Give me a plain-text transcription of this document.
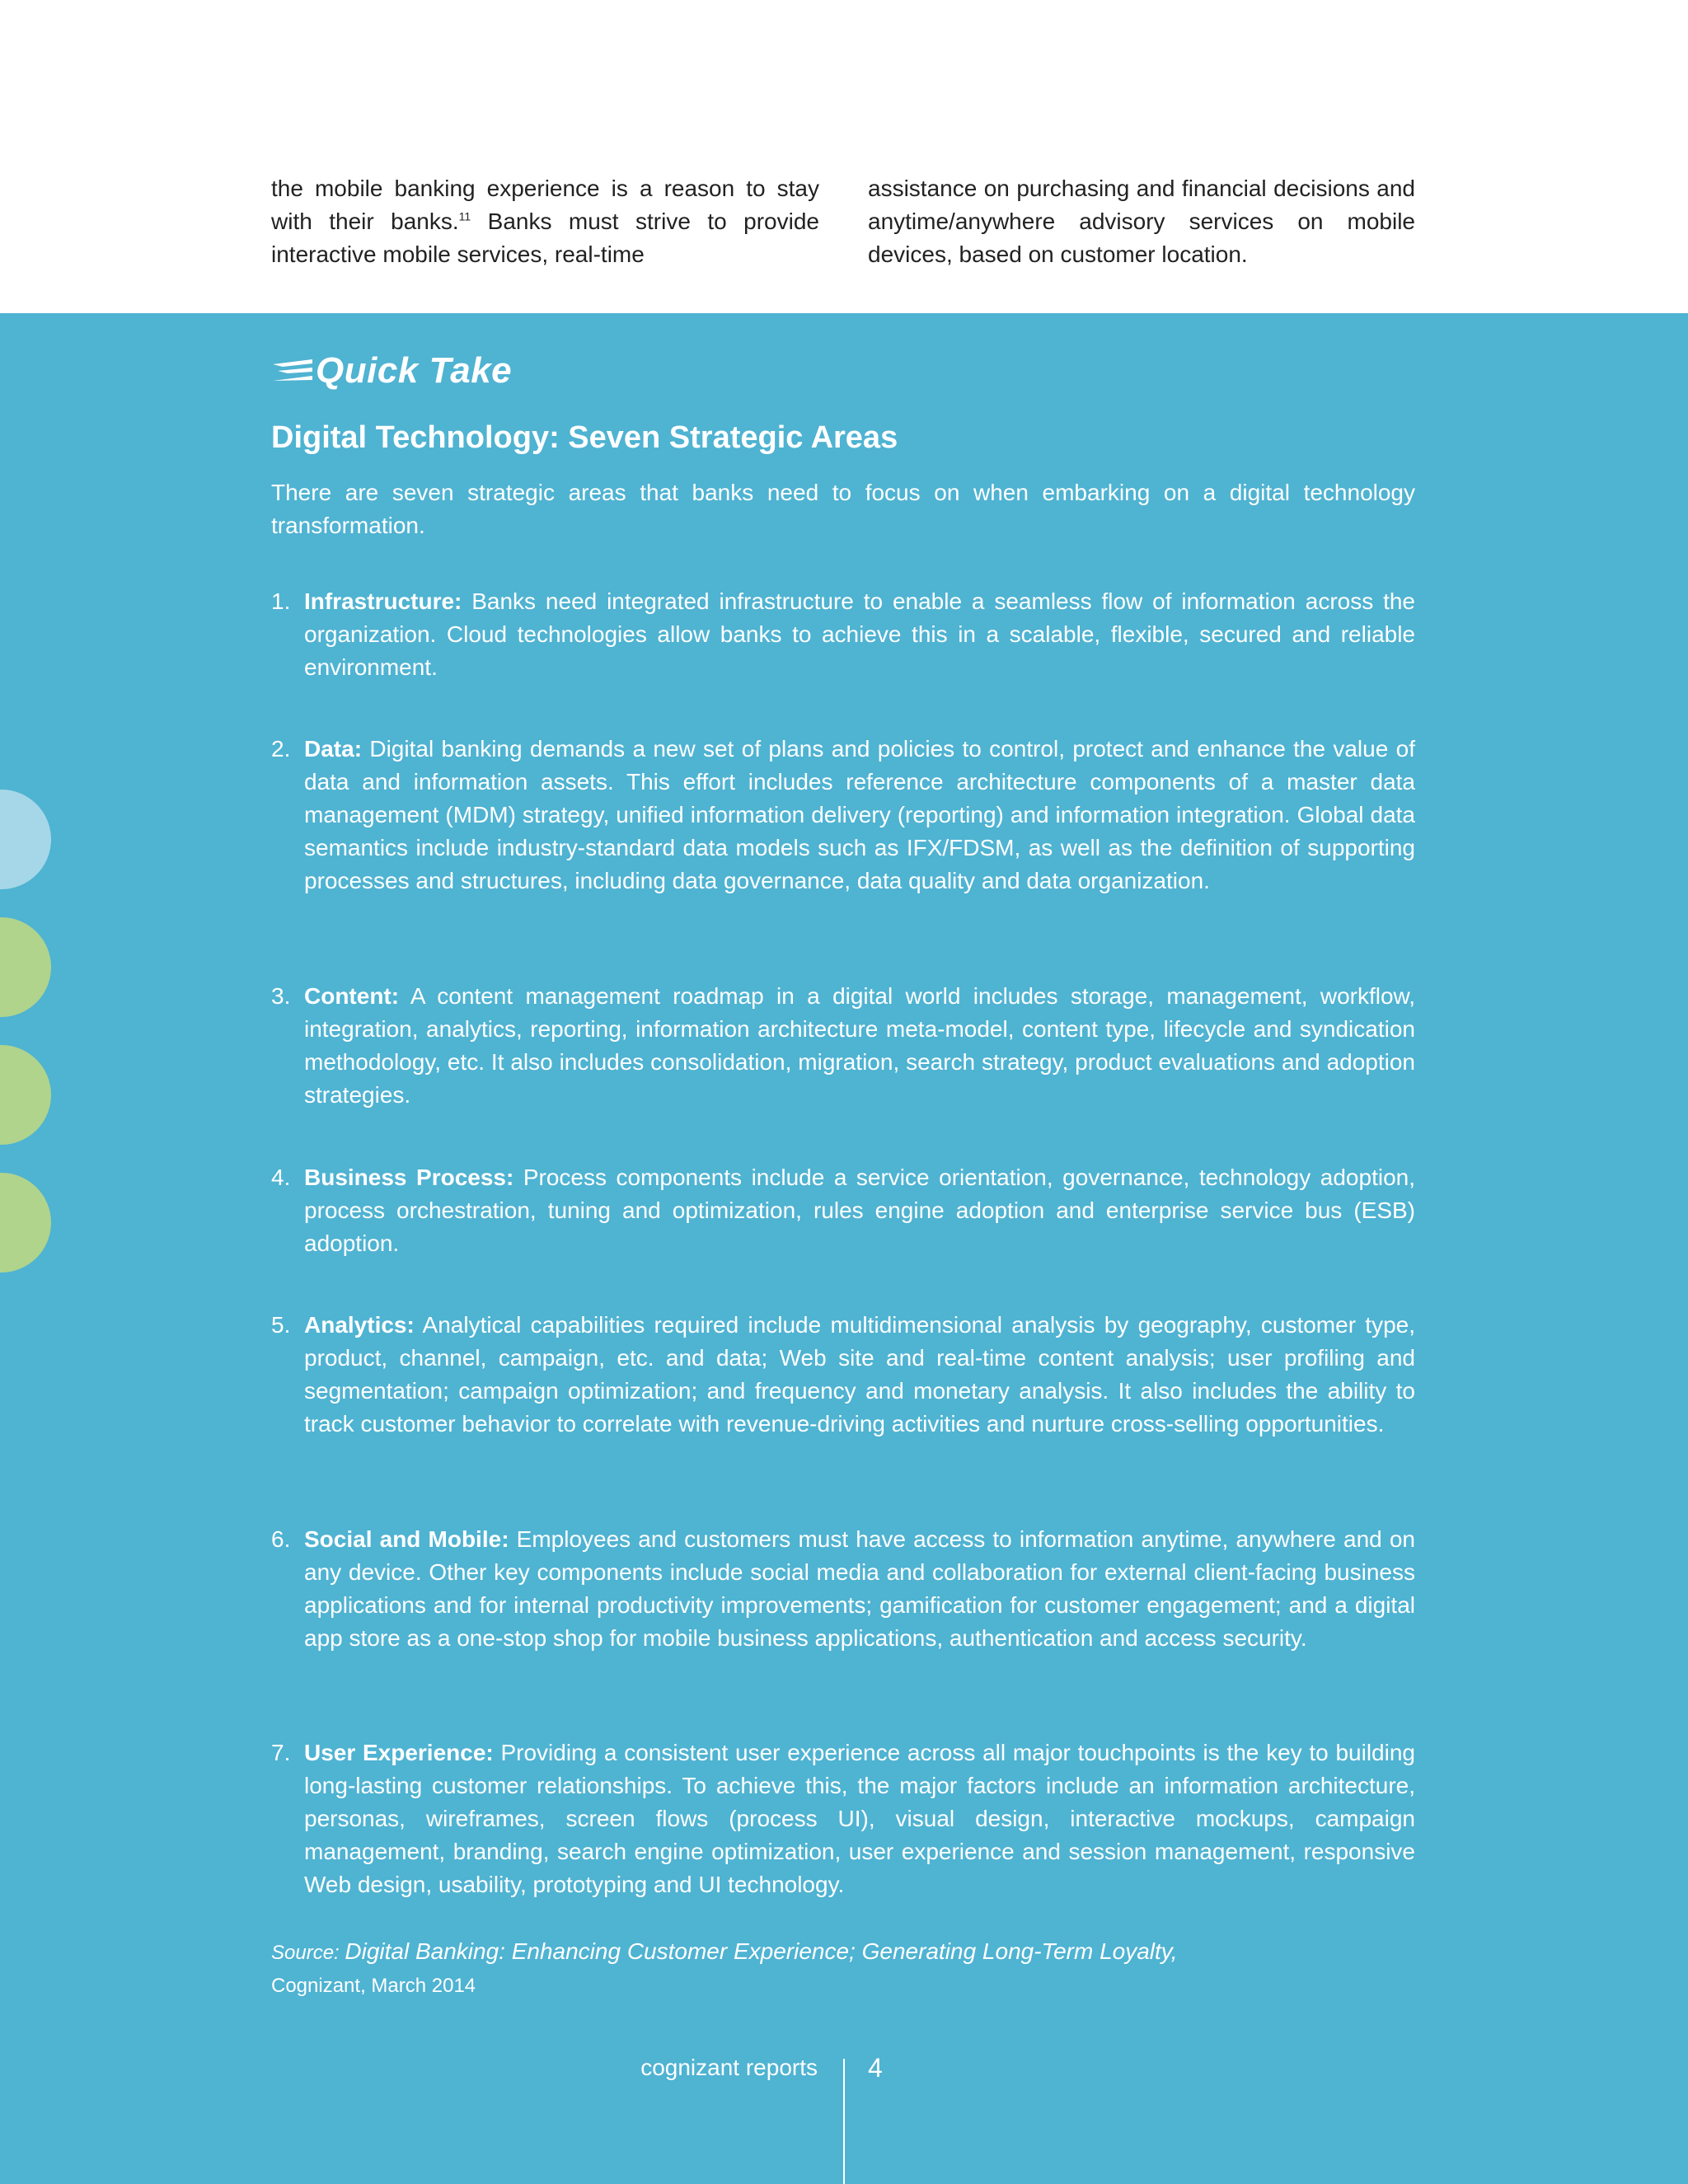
the mobile banking experience is a reason to stay with their banks.$^{11}$ Banks must strive to provide interactive mobile services, real-time
assistance on purchasing and financial decisions and anytime/anywhere advisory services on mobile devices, based on customer location.
Quick Take
Digital Technology: Seven Strategic Areas
There are seven strategic areas that banks need to focus on when embarking on a digital technology transformation.
1. Infrastructure: Banks need integrated infrastructure to enable a seamless flow of information across the organization. Cloud technologies allow banks to achieve this in a scalable, flexible, secured and reliable environment.
2. Data: Digital banking demands a new set of plans and policies to control, protect and enhance the value of data and information assets. This effort includes reference architecture components of a master data management (MDM) strategy, unified information delivery (reporting) and information integration. Global data semantics include industry-standard data models such as IFX/FDSM, as well as the definition of supporting processes and structures, including data governance, data quality and data organization.
3. Content: A content management roadmap in a digital world includes storage, management, workflow, integration, analytics, reporting, information architecture meta-model, content type, lifecycle and syndication methodology, etc. It also includes consolidation, migration, search strategy, product evaluations and adoption strategies.
4. Business Process: Process components include a service orientation, governance, technology adoption, process orchestration, tuning and optimization, rules engine adoption and enterprise service bus (ESB) adoption.
5. Analytics: Analytical capabilities required include multidimensional analysis by geography, customer type, product, channel, campaign, etc. and data; Web site and real-time content analysis; user profiling and segmentation; campaign optimization; and frequency and monetary analysis. It also includes the ability to track customer behavior to correlate with revenue-driving activities and nurture cross-selling opportunities.
6. Social and Mobile: Employees and customers must have access to information anytime, anywhere and on any device. Other key components include social media and collaboration for external client-facing business applications and for internal productivity improvements; gamification for customer engagement; and a digital app store as a one-stop shop for mobile business applications, authentication and access security.
7. User Experience: Providing a consistent user experience across all major touchpoints is the key to building long-lasting customer relationships. To achieve this, the major factors include an information architecture, personas, wireframes, screen flows (process UI), visual design, interactive mockups, campaign management, branding, search engine optimization, user experience and session management, responsive Web design, usability, prototyping and UI technology.
Source: Digital Banking: Enhancing Customer Experience; Generating Long-Term Loyalty,
Cognizant, March 2014
cognizant reports 4
